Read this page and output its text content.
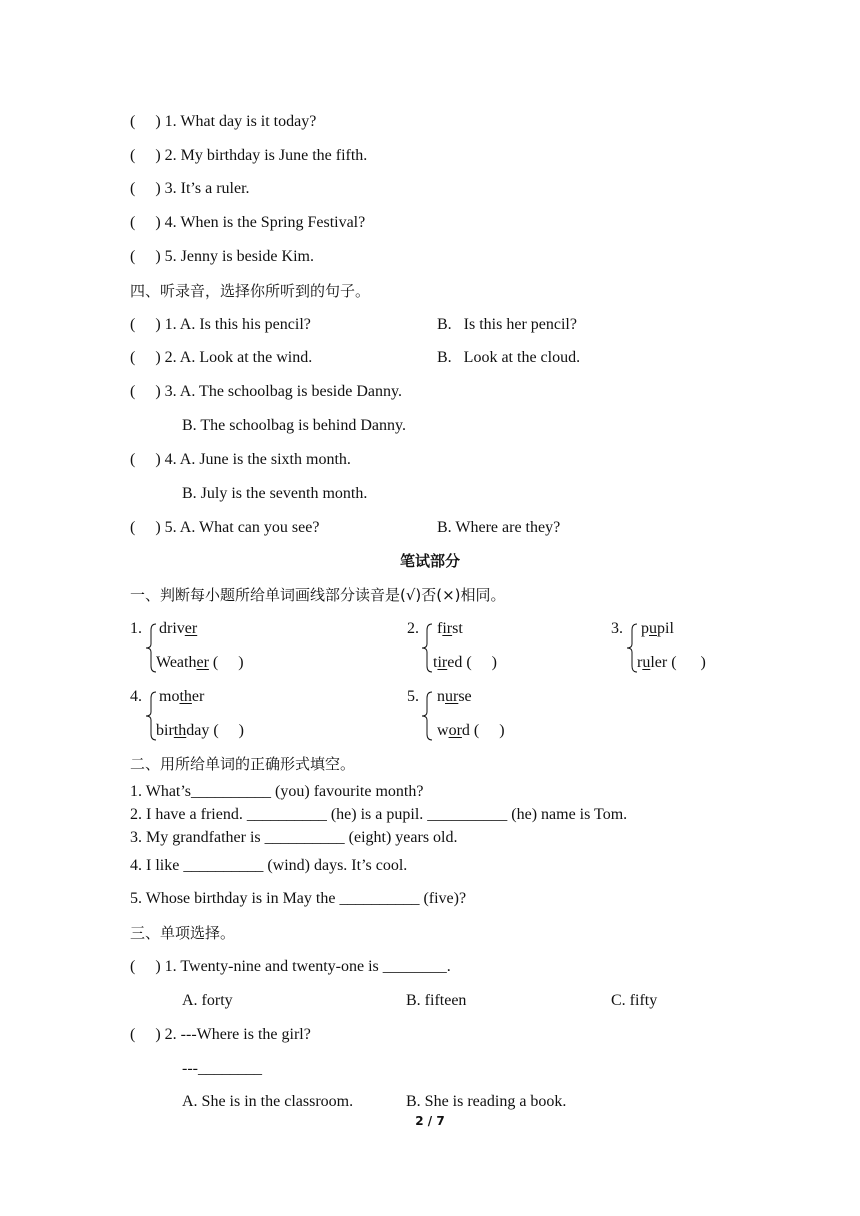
(     ) 1. What day is it today?
(     ) 2. My birthday is June the fifth.
(     ) 3. It’s a ruler.
(     ) 4. When is the Spring Festival?
(     ) 5. Jenny is beside Kim.
四、听录音，选择你所听到的句子。
(     ) 1. A. Is this his pencil?	B.   Is this her pencil?
(     ) 2. A. Look at the wind.	B.   Look at the cloud.
(     ) 3. A. The schoolbag is beside Danny.
B. The schoolbag is behind Danny.
(     ) 4. A. June is the sixth month.
B. July is the seventh month.
(     ) 5. A. What can you see?	B. Where are they?
笔试部分
一、判断每小题所给单词画线部分读音是(√)否(×)相同。
1. driver
Weather (     )
2. first
tired (     )
3. pupil
ruler (      )
4. mother
birthday (     )
5. nurse
word (     )
二、用所给单词的正确形式填空。
1. What’s__________ (you) favourite month?
2. I have a friend. __________ (he) is a pupil. __________ (he) name is Tom.
3. My grandfather is __________ (eight) years old.
4. I like __________ (wind) days. It’s cool.
5. Whose birthday is in May the __________ (five)?
三、单项选择。
(     ) 1. Twenty-nine and twenty-one is ________.
A. forty	B. fifteen	C. fifty
(     ) 2. ---Where is the girl?
---________
A. She is in the classroom.	B. She is reading a book.
2 / 7
